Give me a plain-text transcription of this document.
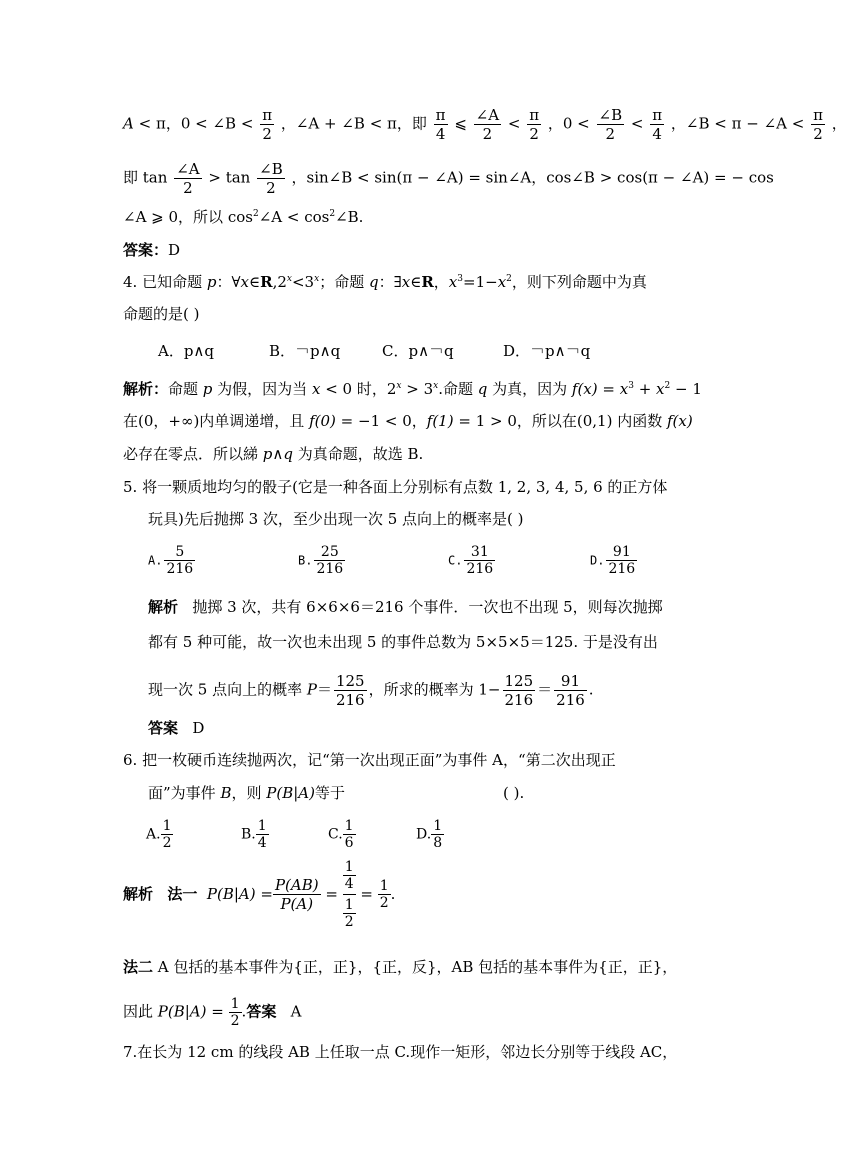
A < π，0 < ∠B < $\frac{\pi}{2}$ ，∠A + ∠B < π，即 $\frac{\pi}{4}$ ⩽ $\frac{\angle A}{2} < \frac{\pi}{2}$ ，$0 < \frac{\angle B}{2} < \frac{\pi}{4}$ ，∠B < π − ∠A < $\frac{\pi}{2}$ ，
即 $\tan \frac{\angle A}{2} > \tan \frac{\angle B}{2}$ ，sin∠B < sin(π − ∠A) = sin∠A，cos∠B > cos(π − ∠A) = − cos
∠A ⩾ 0，所以 $\cos^2\angle A$ < $\cos^2\angle B$.
答案：D
4. 已知命题 p：$\forall x\in R,2^x<3^x$；命题 q：∃x∈R，$x^3=1-x^2$，则下列命题中为真
命题的是( )
A．p∧q	B．￢p∧q	C．p∧￢q	D．￢p∧￢q
解析：命题 p 为假，因为当 x < 0 时，$2^x > 3^x$.命题 q 为真，因为 $f(x) = x^3 + x^2 - 1$
在(0，+∞)内单调递增，且 f(0) = −1 < 0，f(1) = 1 > 0，所以在(0,1) 内函数 f(x)
必存在零点．所以綈 p∧q 为真命题，故选 B.
5. 将一颗质地均匀的骰子(它是一种各面上分别标有点数 1, 2, 3, 4, 5, 6 的正方体
玩具)先后抛掷 3 次，至少出现一次 5 点向上的概率是( )
A. $\frac{5}{216}$	B. $\frac{25}{216}$	C. $\frac{31}{216}$	D. $\frac{91}{216}$
解析 抛掷 3 次，共有 6×6×6＝216 个事件．一次也不出现 5，则每次抛掷
都有 5 种可能，故一次也未出现 5 的事件总数为 5×5×5＝125. 于是没有出
现一次 5 点向上的概率 $P= \frac{125}{216}$ ，所求的概率为 $1- \frac{125}{216} = \frac{91}{216}$ .
答案 D
6. 把一枚硬币连续抛两次，记“第一次出现正面”为事件 A，“第二次出现正
面”为事件 B，则 P(B|A)等于	( ).
A. $\frac{1}{2}$	B. $\frac{1}{4}$	C. $\frac{1}{6}$	D. $\frac{1}{8}$
解析 法一 $P(B|A) = \frac{P(AB)}{P(A)} = \frac{\frac{1}{4}}{\frac{1}{2}} = \frac{1}{2}$ .
法二 A 包括的基本事件为{正，正}，{正，反}，AB 包括的基本事件为{正，正}，
因此 $P(B|A) = \frac{1}{2}$ .答案 A
7.在长为 12 cm 的线段 AB 上任取一点 C.现作一矩形，邻边长分别等于线段 AC，
